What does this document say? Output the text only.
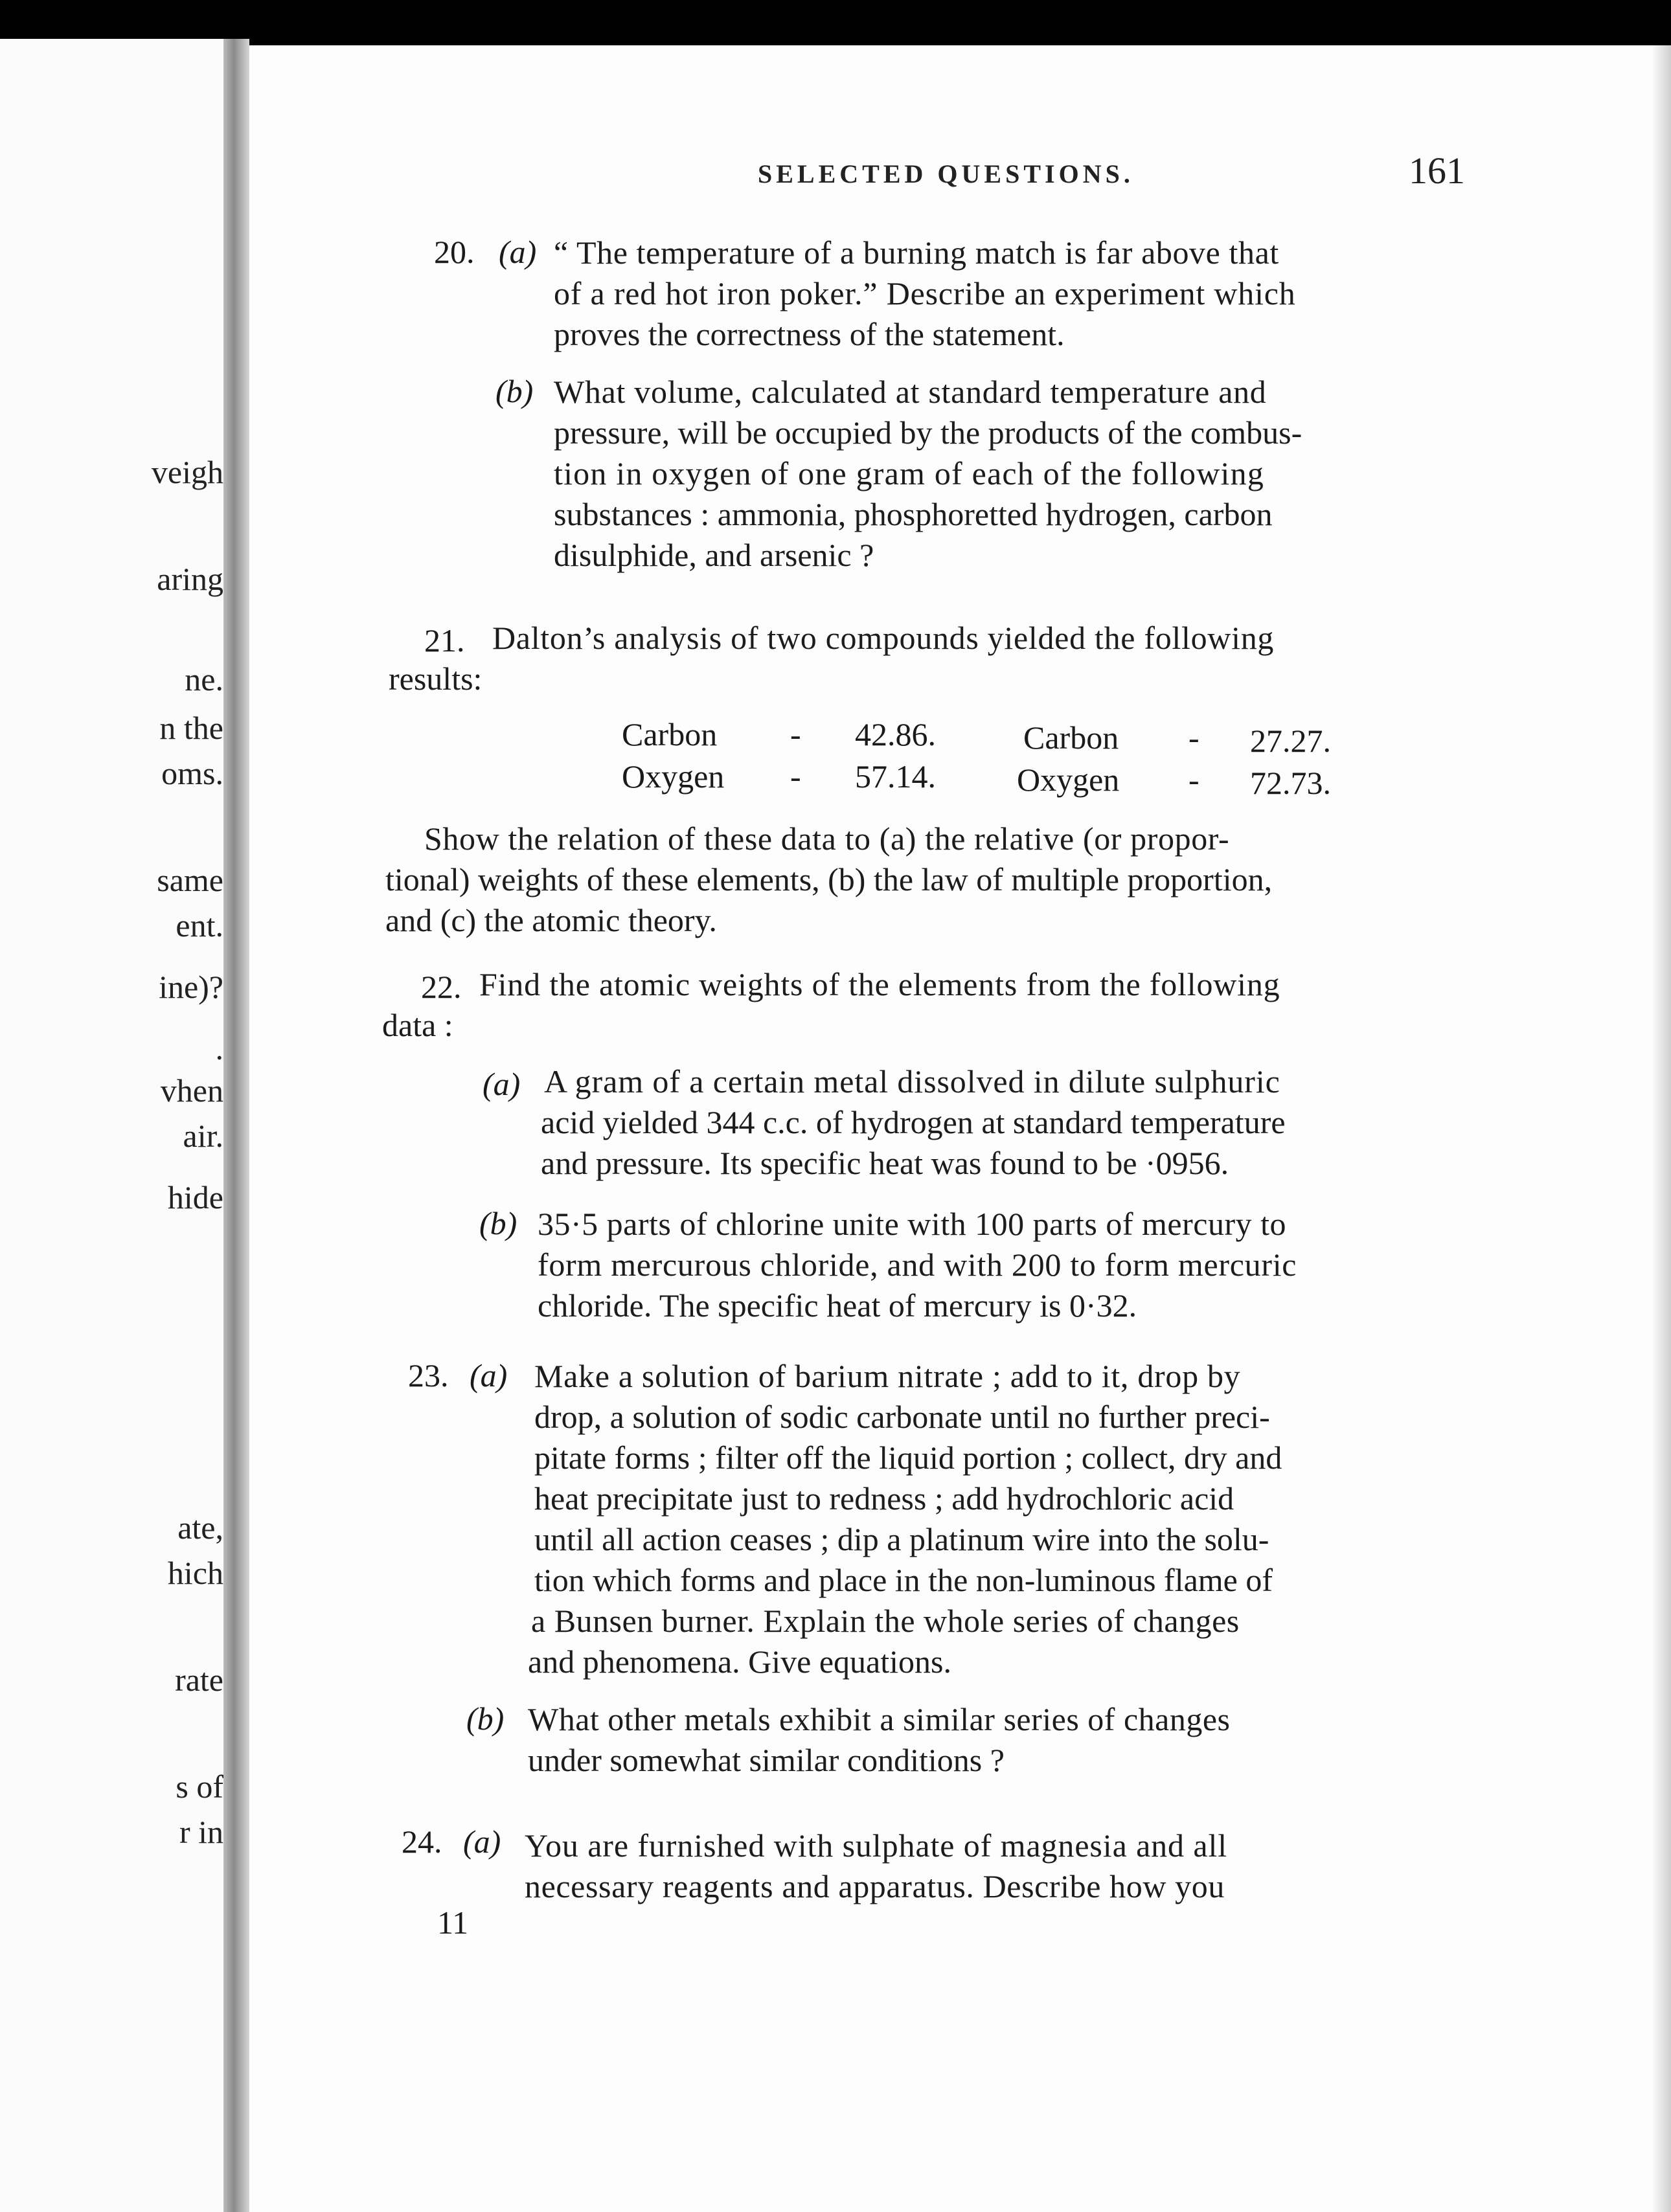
veigh
aring
ne.
n the
oms.
same
ent.
ine)?
.
vhen
air.
hide
ate,
hich
rate
s of
r in
SELECTED QUESTIONS.	161
20. (a) “ The temperature of a burning match is far above that
of a red hot iron poker.” Describe an experiment which
proves the correctness of the statement.
(b) What volume, calculated at standard temperature and
pressure, will be occupied by the products of the combus-
tion in oxygen of one gram of each of the following
substances : ammonia, phosphoretted hydrogen, carbon
disulphide, and arsenic ?
21. Dalton’s analysis of two compounds yielded the following
results:
Carbon - 42.86.	Carbon - 27.27.
Oxygen - 57.14.	Oxygen - 72.73.
Show the relation of these data to (a) the relative (or propor-
tional) weights of these elements, (b) the law of multiple proportion,
and (c) the atomic theory.
22. Find the atomic weights of the elements from the following
data :
(a) A gram of a certain metal dissolved in dilute sulphuric
acid yielded 344 c.c. of hydrogen at standard temperature
and pressure. Its specific heat was found to be ·0956.
(b) 35·5 parts of chlorine unite with 100 parts of mercury to
form mercurous chloride, and with 200 to form mercuric
chloride. The specific heat of mercury is 0·32.
23. (a) Make a solution of barium nitrate ; add to it, drop by
drop, a solution of sodic carbonate until no further preci-
pitate forms ; filter off the liquid portion ; collect, dry and
heat precipitate just to redness ; add hydrochloric acid
until all action ceases ; dip a platinum wire into the solu-
tion which forms and place in the non-luminous flame of
a Bunsen burner. Explain the whole series of changes
and phenomena. Give equations.
(b) What other metals exhibit a similar series of changes
under somewhat similar conditions ?
24. (a) You are furnished with sulphate of magnesia and all
necessary reagents and apparatus. Describe how you
11
